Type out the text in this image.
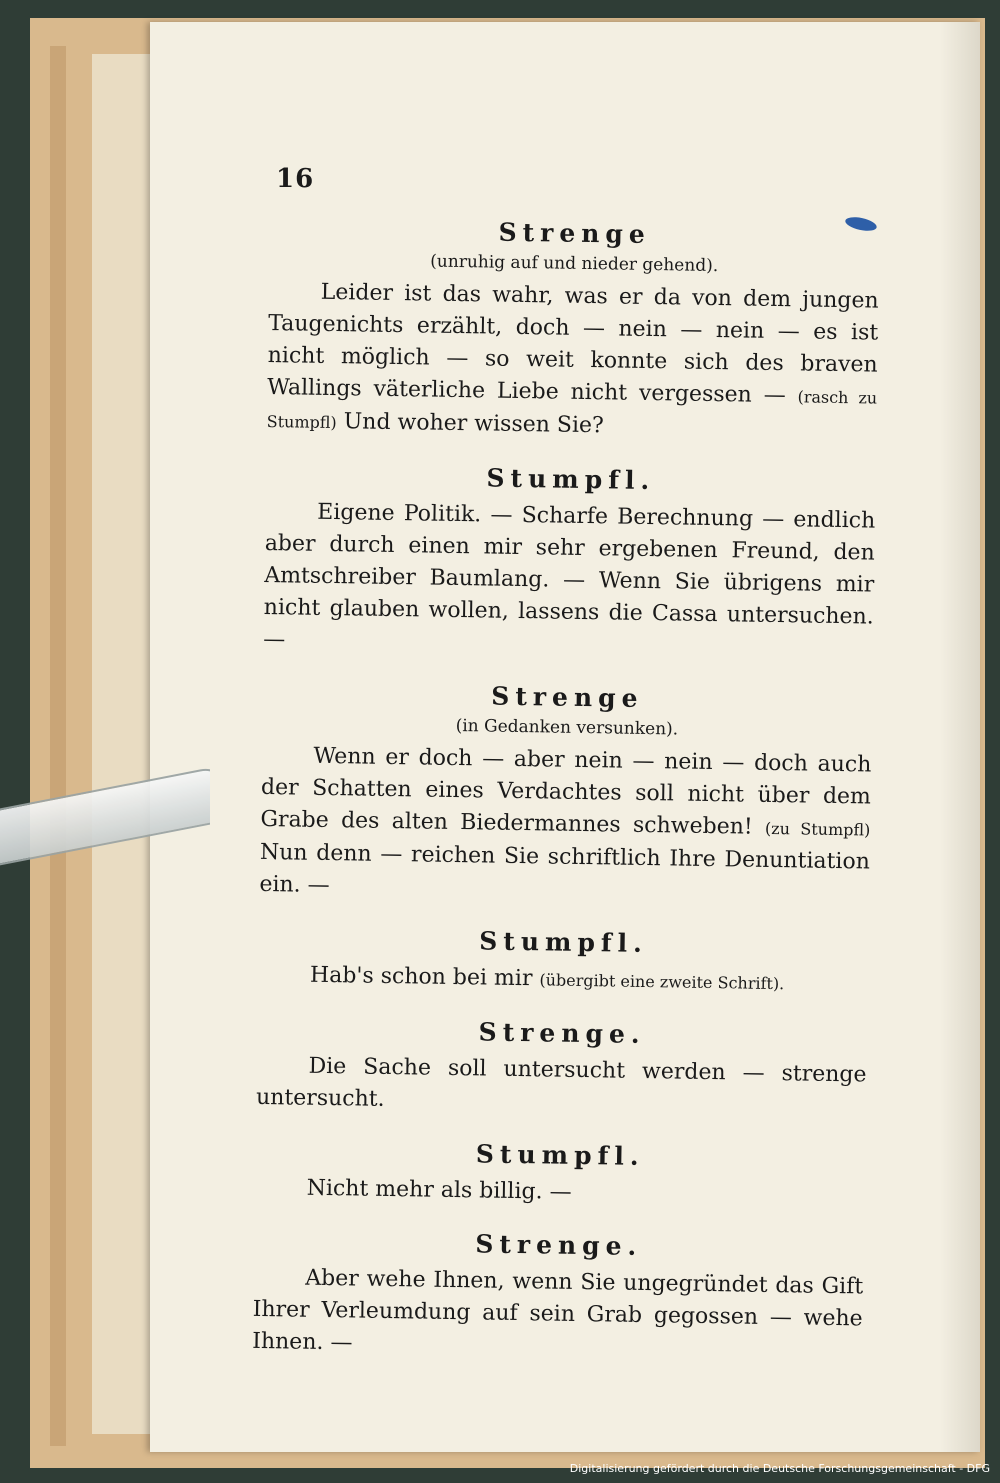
16
Strenge
(unruhig auf und nieder gehend).

Leider ist das wahr, was er da von dem jungen Taugenichts erzählt, doch — nein — nein — es ist nicht möglich — so weit konnte sich des braven Wallings väterliche Liebe nicht vergessen — (rasch zu Stumpfl) Und woher wissen Sie?

Stumpfl.

Eigene Politik. — Scharfe Berechnung — endlich aber durch einen mir sehr ergebenen Freund, den Amtschreiber Baumlang. — Wenn Sie übrigens mir nicht glauben wollen, lassens die Cassa untersuchen. —

Strenge
(in Gedanken versunken).

Wenn er doch — aber nein — nein — doch auch der Schatten eines Verdachtes soll nicht über dem Grabe des alten Biedermannes schweben! (zu Stumpfl) Nun denn — reichen Sie schriftlich Ihre Denuntiation ein. —

Stumpfl.

Hab's schon bei mir (übergibt eine zweite Schrift).

Strenge.

Die Sache soll untersucht werden — strenge untersucht.

Stumpfl.

Nicht mehr als billig. —

Strenge.

Aber wehe Ihnen, wenn Sie ungegründet das Gift Ihrer Verleumdung auf sein Grab gegossen — wehe Ihnen. —

Digitalisierung gefördert durch die Deutsche Forschungsgemeinschaft - DFG
